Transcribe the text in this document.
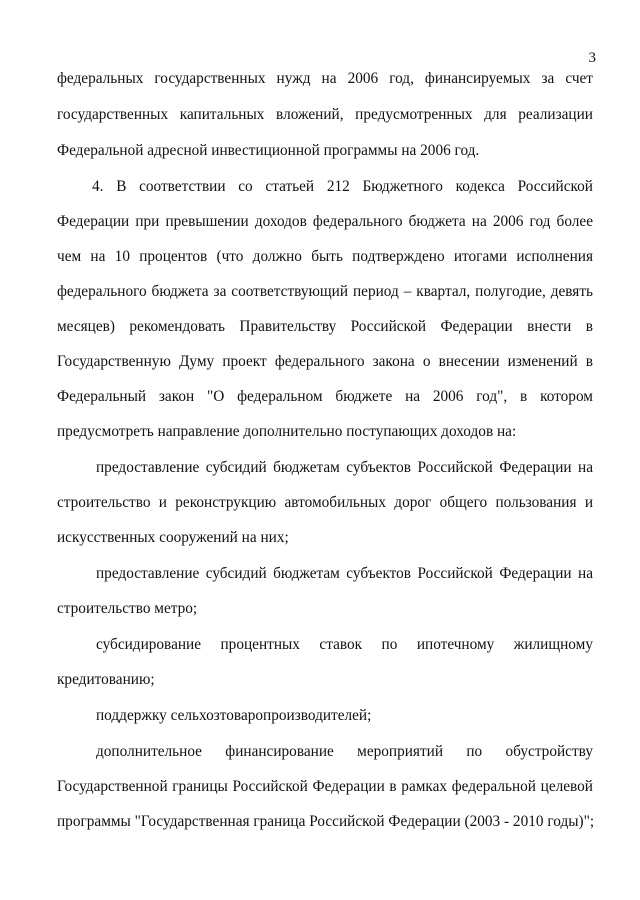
3
федеральных государственных нужд на 2006 год, финансируемых за счет
государственных капитальных вложений, предусмотренных для реализации
Федеральной адресной инвестиционной программы на 2006 год.
4. В соответствии со статьей 212 Бюджетного кодекса Российской
Федерации при превышении доходов федерального бюджета на 2006 год более
чем на 10 процентов (что должно быть подтверждено итогами исполнения
федерального бюджета за соответствующий период – квартал, полугодие, девять
месяцев) рекомендовать Правительству Российской Федерации внести в
Государственную Думу проект федерального закона о внесении изменений в
Федеральный закон "О федеральном бюджете на 2006 год", в котором
предусмотреть направление дополнительно поступающих доходов на:
предоставление субсидий бюджетам субъектов Российской Федерации на
строительство и реконструкцию автомобильных дорог общего пользования и
искусственных сооружений на них;
предоставление субсидий бюджетам субъектов Российской Федерации на
строительство метро;
субсидирование процентных ставок по ипотечному жилищному
кредитованию;
поддержку сельхозтоваропроизводителей;
дополнительное финансирование мероприятий по обустройству
Государственной границы Российской Федерации в рамках федеральной целевой
программы "Государственная граница Российской Федерации (2003 - 2010 годы)";
